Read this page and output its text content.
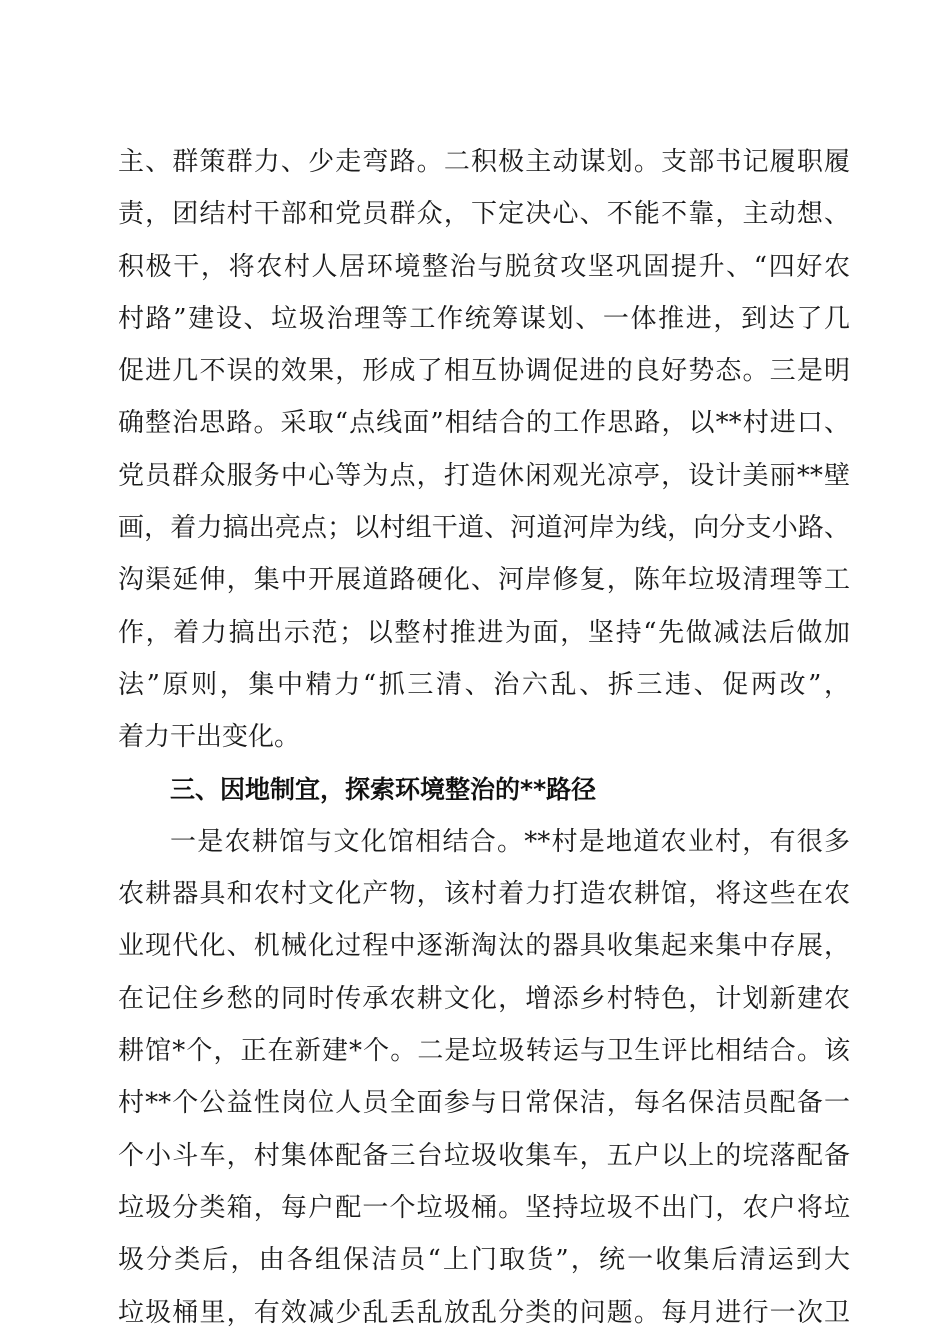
主、群策群力、少走弯路。二积极主动谋划。支部书记履职履
责，团结村干部和党员群众，下定决心、不能不靠，主动想、
积极干，将农村人居环境整治与脱贫攻坚巩固提升、“四好农
村路”建设、垃圾治理等工作统筹谋划、一体推进，到达了几
促进几不误的效果，形成了相互协调促进的良好势态。三是明
确整治思路。采取“点线面”相结合的工作思路，以**村进口、
党员群众服务中心等为点，打造休闲观光凉亭，设计美丽**壁
画，着力搞出亮点；以村组干道、河道河岸为线，向分支小路、
沟渠延伸，集中开展道路硬化、河岸修复，陈年垃圾清理等工
作，着力搞出示范；以整村推进为面，坚持“先做减法后做加
法”原则，集中精力“抓三清、治六乱、拆三违、促两改”，
着力干出变化。
三、因地制宜，探索环境整治的**路径
一是农耕馆与文化馆相结合。**村是地道农业村，有很多
农耕器具和农村文化产物，该村着力打造农耕馆，将这些在农
业现代化、机械化过程中逐渐淘汰的器具收集起来集中存展，
在记住乡愁的同时传承农耕文化，增添乡村特色，计划新建农
耕馆*个，正在新建*个。二是垃圾转运与卫生评比相结合。该
村**个公益性岗位人员全面参与日常保洁，每名保洁员配备一
个小斗车，村集体配备三台垃圾收集车，五户以上的垸落配备
垃圾分类箱，每户配一个垃圾桶。坚持垃圾不出门，农户将垃
圾分类后，由各组保洁员“上门取货”，统一收集后清运到大
垃圾桶里，有效减少乱丢乱放乱分类的问题。每月进行一次卫
